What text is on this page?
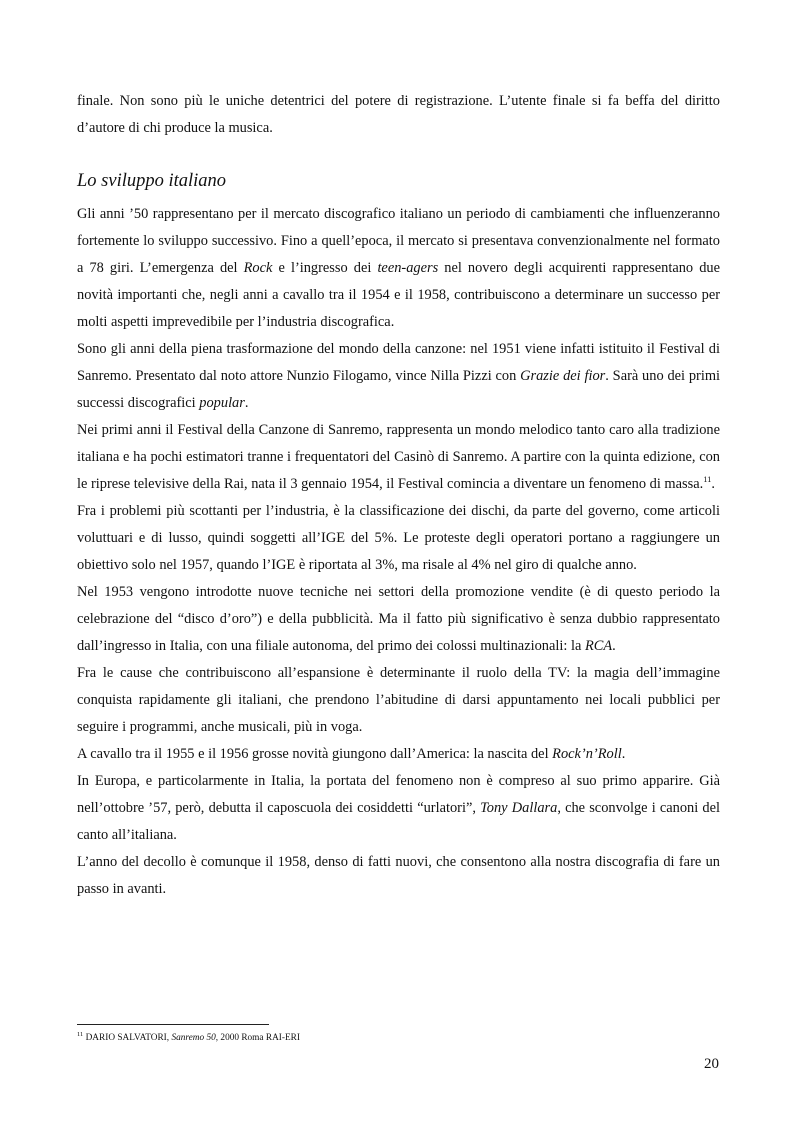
finale. Non sono più le uniche detentrici del potere di registrazione. L’utente finale si fa beffa del diritto d’autore di chi produce la musica.

Lo sviluppo italiano

Gli anni ’50 rappresentano per il mercato discografico italiano un periodo di cambiamenti che influenzeranno fortemente lo sviluppo successivo. Fino a quell’epoca, il mercato si presentava convenzionalmente nel formato a 78 giri. L’emergenza del Rock e l’ingresso dei teen-agers nel novero degli acquirenti rappresentano due novità importanti che, negli anni a cavallo tra il 1954 e il 1958, contribuiscono a determinare un successo per molti aspetti imprevedibile per l’industria discografica.

Sono gli anni della piena trasformazione del mondo della canzone: nel 1951 viene infatti istituito il Festival di Sanremo. Presentato dal noto attore Nunzio Filogamo, vince Nilla Pizzi con Grazie dei fior. Sarà uno dei primi successi discografici popular.

Nei primi anni il Festival della Canzone di Sanremo, rappresenta un mondo melodico tanto caro alla tradizione italiana e ha pochi estimatori tranne i frequentatori del Casinò di Sanremo. A partire con la quinta edizione, con le riprese televisive della Rai, nata il 3 gennaio 1954, il Festival comincia a diventare un fenomeno di massa.$^{11}$.

Fra i problemi più scottanti per l’industria, è la classificazione dei dischi, da parte del governo, come articoli voluttuari e di lusso, quindi soggetti all’IGE del 5%. Le proteste degli operatori portano a raggiungere un obiettivo solo nel 1957, quando l’IGE è riportata al 3%, ma risale al 4% nel giro di qualche anno.

Nel 1953 vengono introdotte nuove tecniche nei settori della promozione vendite (è di questo periodo la celebrazione del “disco d’oro”) e della pubblicità. Ma il fatto più significativo è senza dubbio rappresentato dall’ingresso in Italia, con una filiale autonoma, del primo dei colossi multinazionali: la RCA.

Fra le cause che contribuiscono all’espansione è determinante il ruolo della TV: la magia dell’immagine conquista rapidamente gli italiani, che prendono l’abitudine di darsi appuntamento nei locali pubblici per seguire i programmi, anche musicali, più in voga.

A cavallo tra il 1955 e il 1956 grosse novità giungono dall’America: la nascita del Rock’n’Roll.

In Europa, e particolarmente in Italia, la portata del fenomeno non è compreso al suo primo apparire. Già nell’ottobre ’57, però, debutta il caposcuola dei cosiddetti “urlatori”, Tony Dallara, che sconvolge i canoni del canto all’italiana.

L’anno del decollo è comunque il 1958, denso di fatti nuovi, che consentono alla nostra discografia di fare un passo in avanti.

$^{11}$ DARIO SALVATORI, Sanremo 50, 2000 Roma RAI-ERI
20
